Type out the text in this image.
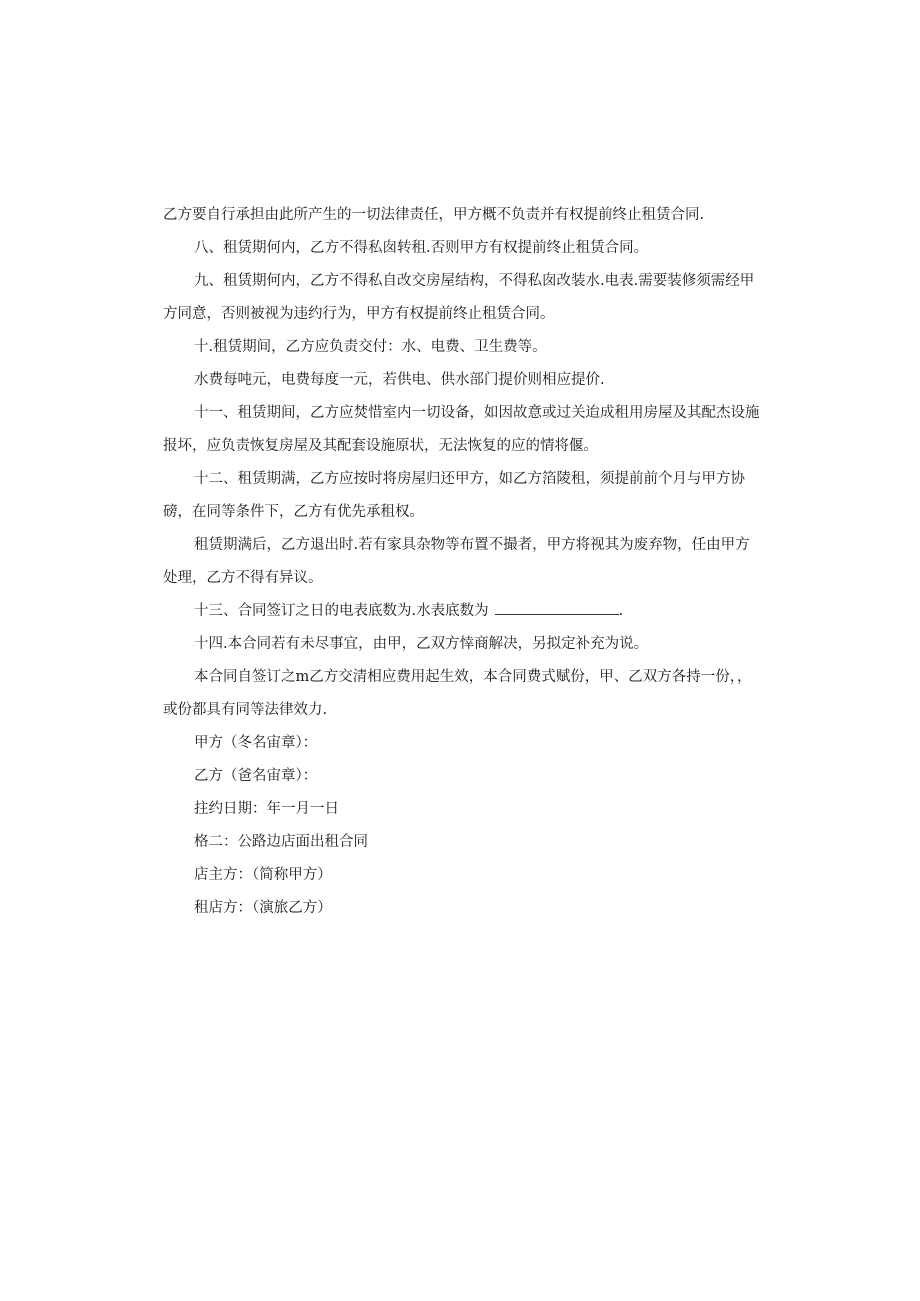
乙方要自行承担由此所产生的一切法律责任，甲方概不负责并有权提前终止租赁合同.

八、租赁期何内，乙方不得私囱转租.否则甲方有权提前终止租赁合同。

九、租赁期何内，乙方不得私自改交房屋结构，不得私囱改装水.电表.需要装修须需经甲方同意，否则被视为违约行为，甲方有权提前终止租赁合同。

十.租赁期间，乙方应负责交付：水、电费、卫生费等。

水费每吨元，电费每度一元，若供电、供水部门提价则相应提价.

十一、租赁期间，乙方应焚惜室内一切设备，如因故意或过关迨成租用房屋及其配杰设施报坏，应负责恢复房屋及其配套设施原状，无法恢复的应的情将偃。

十二、租赁期满，乙方应按时将房屋归还甲方，如乙方箔陵租，须提前前个月与甲方协磅，在同等条件下，乙方有优先承租权。

租赁期满后，乙方退出时.若有家具杂物等布置不撮者，甲方将视其为废弃物，任由甲方处理，乙方不得有异议。

十三、合同签订之日的电表底数为.水表底数为	.

十四.本合同若有未尽事宜，由甲，乙双方悻商解决，另拟定补充为说。

本合同自签订之m乙方交清相应费用起生效，本合同费式赋份，甲、乙双方各持一份，，或份都具有同等法律效力.

甲方（冬名宙章）：

乙方（爸名宙章）：

拄约日期：年一月一日

格二：公路边店面出租合同

店主方：（简称甲方）

租店方：（演旅乙方）
